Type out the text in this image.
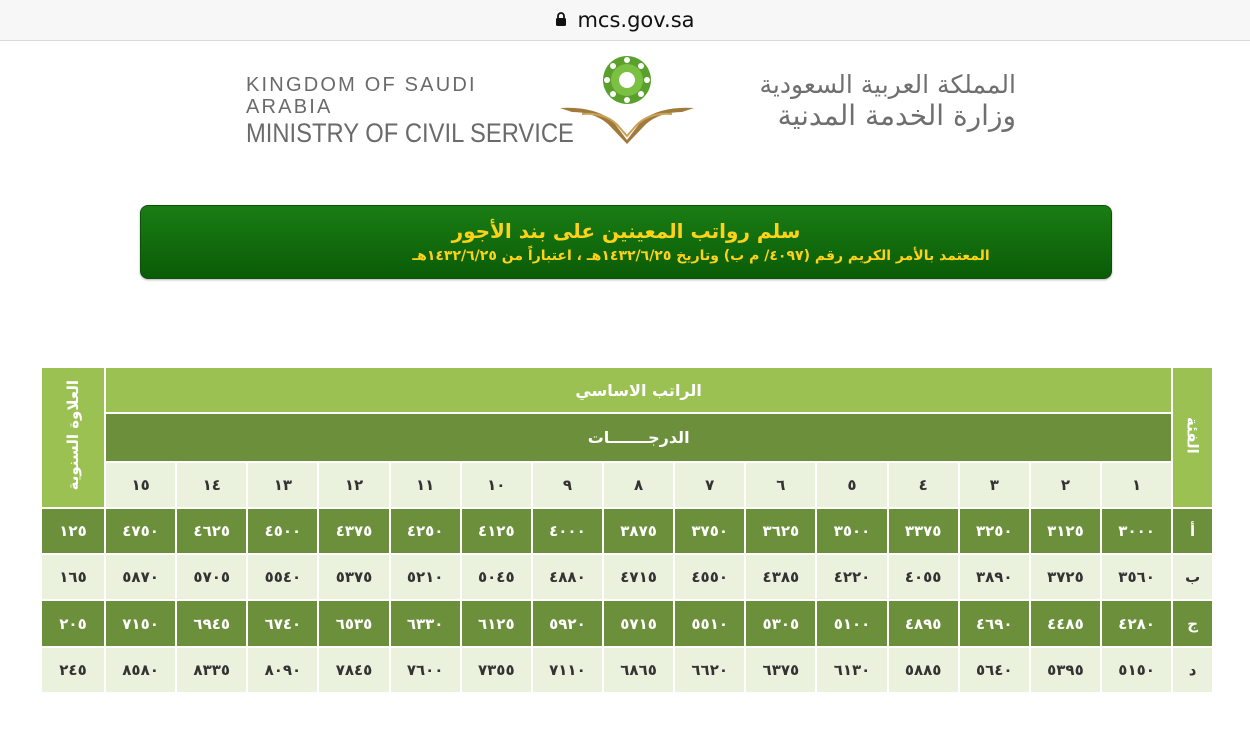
mcs.gov.sa
KINGDOM OF SAUDI ARABIA
MINISTRY OF CIVIL SERVICE
المملكة العربية السعودية
وزارة الخدمة المدنية
سلم رواتب المعينين على بند الأجور
المعتمد بالأمر الكريم رقم (٤٠٩٧/ م ب) وتاريخ ١٤٣٢/٦/٢٥هـ ، اعتباراً من ١٤٣٢/٦/٢٥هـ
العلاوة السنوية	الراتب الاساسي															الفئة
	الدرجـــــــات															
	١٥	١٤	١٣	١٢	١١	١٠	٩	٨	٧	٦	٥	٤	٣	٢	١	
١٢٥	٤٧٥٠	٤٦٢٥	٤٥٠٠	٤٣٧٥	٤٢٥٠	٤١٢٥	٤٠٠٠	٣٨٧٥	٣٧٥٠	٣٦٢٥	٣٥٠٠	٣٣٧٥	٣٢٥٠	٣١٢٥	٣٠٠٠	أ
١٦٥	٥٨٧٠	٥٧٠٥	٥٥٤٠	٥٣٧٥	٥٢١٠	٥٠٤٥	٤٨٨٠	٤٧١٥	٤٥٥٠	٤٣٨٥	٤٢٢٠	٤٠٥٥	٣٨٩٠	٣٧٢٥	٣٥٦٠	ب
٢٠٥	٧١٥٠	٦٩٤٥	٦٧٤٠	٦٥٣٥	٦٣٣٠	٦١٢٥	٥٩٢٠	٥٧١٥	٥٥١٠	٥٣٠٥	٥١٠٠	٤٨٩٥	٤٦٩٠	٤٤٨٥	٤٢٨٠	ج
٢٤٥	٨٥٨٠	٨٣٣٥	٨٠٩٠	٧٨٤٥	٧٦٠٠	٧٣٥٥	٧١١٠	٦٨٦٥	٦٦٢٠	٦٣٧٥	٦١٣٠	٥٨٨٥	٥٦٤٠	٥٣٩٥	٥١٥٠	د
